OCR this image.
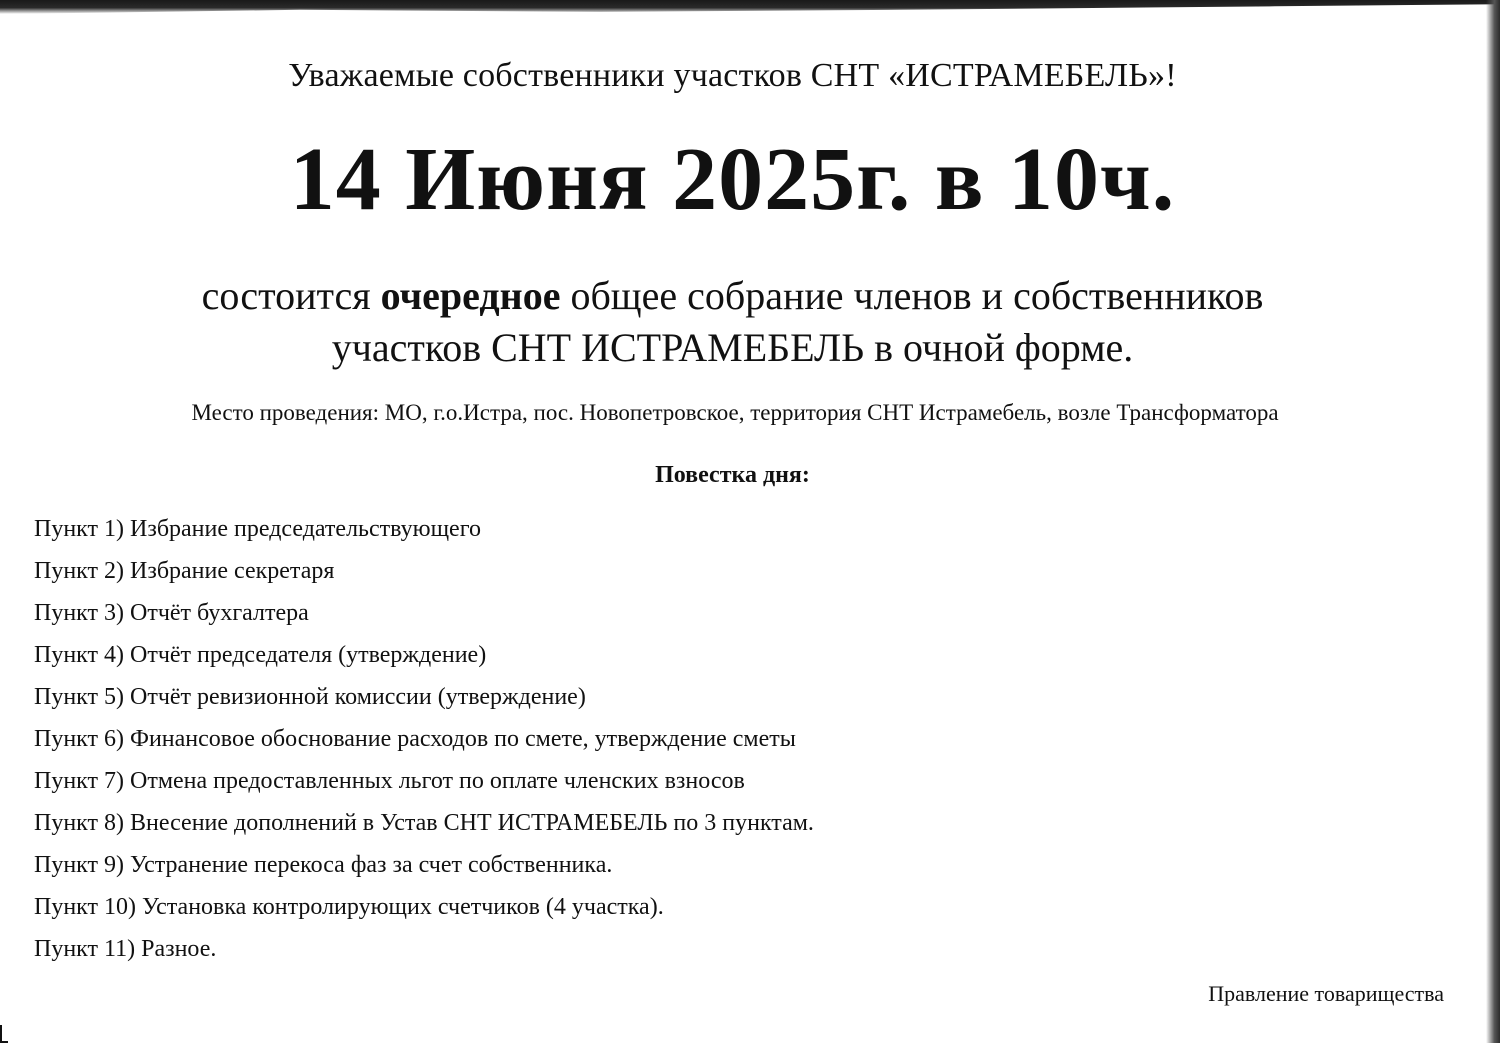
Уважаемые собственники участков СНТ «ИСТРАМЕБЕЛЬ»!
14 Июня 2025г. в 10ч.
состоится очередное общее собрание членов и собственников
участков СНТ ИСТРАМЕБЕЛЬ в очной форме.
Место проведения: МО, г.о.Истра, пос. Новопетровское, территория СНТ Истрамебель, возле Трансформатора
Повестка дня:
Пункт 1) Избрание председательствующего
Пункт 2) Избрание секретаря
Пункт 3) Отчёт бухгалтера
Пункт 4) Отчёт председателя (утверждение)
Пункт 5) Отчёт ревизионной комиссии (утверждение)
Пункт 6) Финансовое обоснование расходов по смете, утверждение сметы
Пункт 7) Отмена предоставленных льгот по оплате членских взносов
Пункт 8) Внесение дополнений в Устав СНТ ИСТРАМЕБЕЛЬ по 3 пунктам.
Пункт 9) Устранение перекоса фаз за счет собственника.
Пункт 10) Установка контролирующих счетчиков (4 участка).
Пункт 11) Разное.
Правление товарищества
